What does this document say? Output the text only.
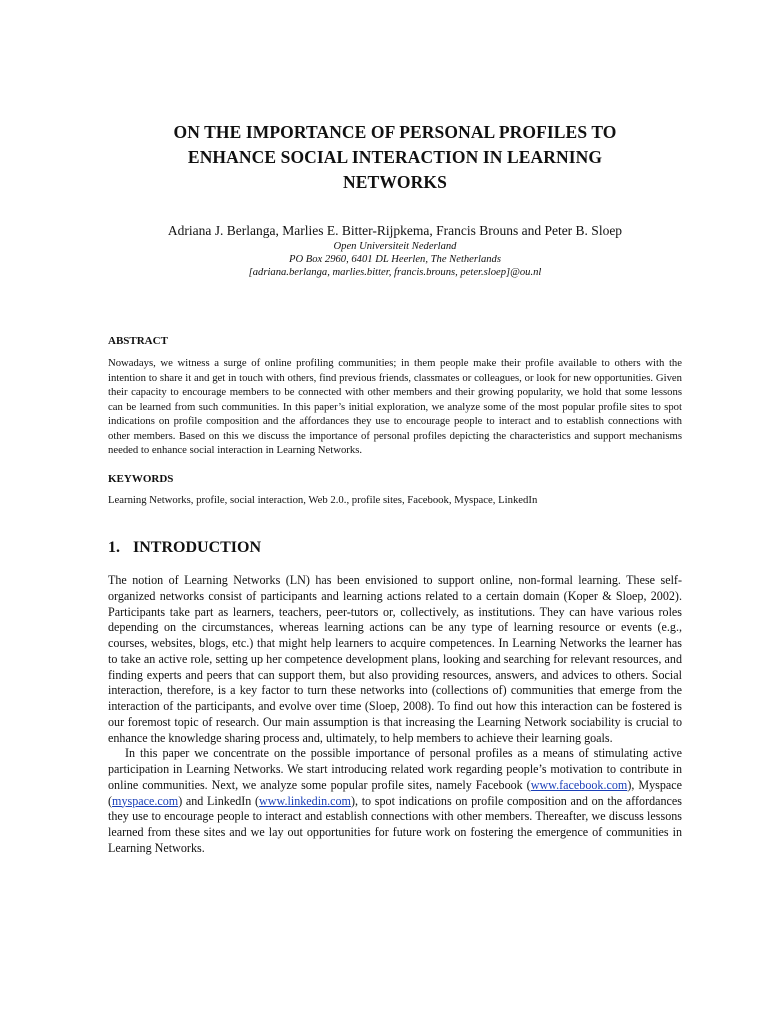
ON THE IMPORTANCE OF PERSONAL PROFILES TO
ENHANCE SOCIAL INTERACTION IN LEARNING
NETWORKS
Adriana J. Berlanga, Marlies E. Bitter-Rijpkema, Francis Brouns and Peter B. Sloep
Open Universiteit Nederland
PO Box 2960, 6401 DL Heerlen, The Netherlands
[adriana.berlanga, marlies.bitter, francis.brouns, peter.sloep]@ou.nl
ABSTRACT
Nowadays, we witness a surge of online profiling communities; in them people make their profile available to others with the intention to share it and get in touch with others, find previous friends, classmates or colleagues, or look for new opportunities. Given their capacity to encourage members to be connected with other members and their growing popularity, we hold that some lessons can be learned from such communities. In this paper’s initial exploration, we analyze some of the most popular profile sites to spot indications on profile composition and the affordances they use to encourage people to interact and to establish connections with other members. Based on this we discuss the importance of personal profiles depicting the characteristics and support mechanisms needed to enhance social interaction in Learning Networks.
KEYWORDS
Learning Networks, profile, social interaction, Web 2.0., profile sites, Facebook, Myspace, LinkedIn
1. INTRODUCTION

The notion of Learning Networks (LN) has been envisioned to support online, non-formal learning. These self-organized networks consist of participants and learning actions related to a certain domain (Koper & Sloep, 2002). Participants take part as learners, teachers, peer-tutors or, collectively, as institutions. They can have various roles depending on the circumstances, whereas learning actions can be any type of learning resource or events (e.g., courses, websites, blogs, etc.) that might help learners to acquire competences. In Learning Networks the learner has to take an active role, setting up her competence development plans, looking and searching for relevant resources, and finding experts and peers that can support them, but also providing resources, answers, and advices to others. Social interaction, therefore, is a key factor to turn these networks into (collections of) communities that emerge from the interaction of the participants, and evolve over time (Sloep, 2008). To find out how this interaction can be fostered is our foremost topic of research. Our main assumption is that increasing the Learning Network sociability is crucial to enhance the knowledge sharing process and, ultimately, to help members to achieve their learning goals.

In this paper we concentrate on the possible importance of personal profiles as a means of stimulating active participation in Learning Networks. We start introducing related work regarding people’s motivation to contribute in online communities. Next, we analyze some popular profile sites, namely Facebook (www.facebook.com), Myspace (myspace.com) and LinkedIn (www.linkedin.com), to spot indications on profile composition and on the affordances they use to encourage people to interact and establish connections with other members. Thereafter, we discuss lessons learned from these sites and we lay out opportunities for future work on fostering the emergence of communities in Learning Networks.
